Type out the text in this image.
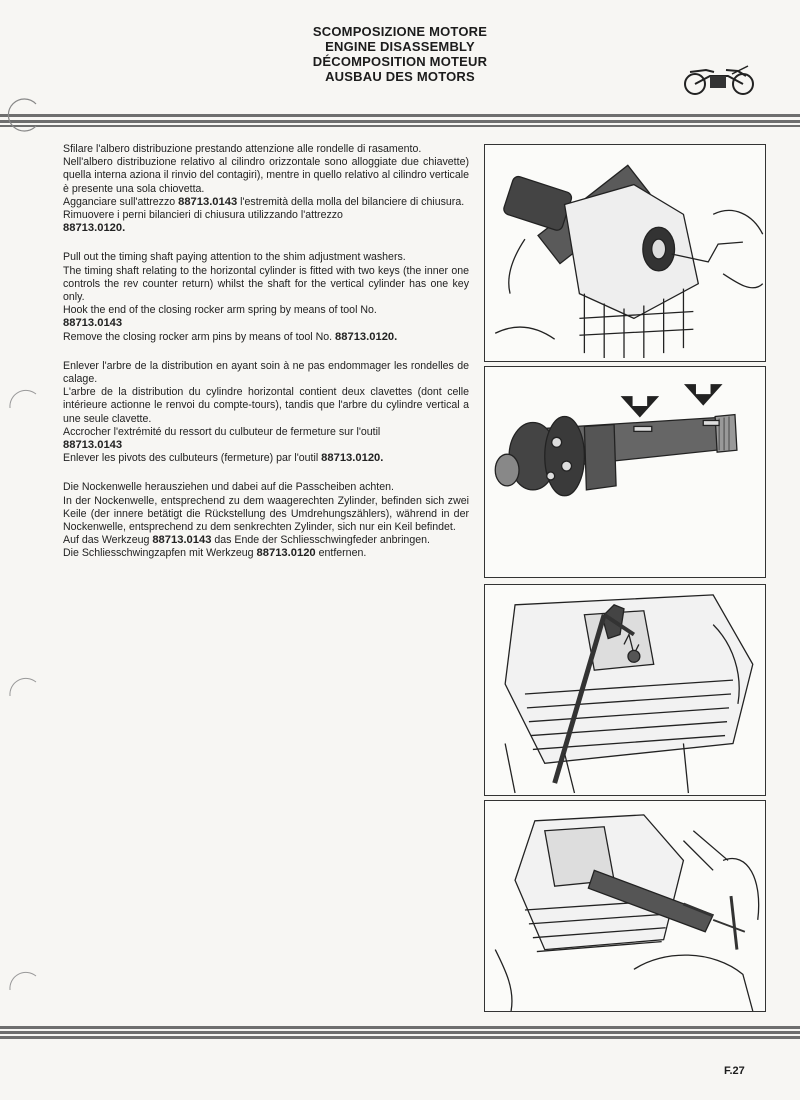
SCOMPOSIZIONE MOTORE
ENGINE DISASSEMBLY
DÉCOMPOSITION MOTEUR
AUSBAU DES MOTORS

Sfilare l'albero distribuzione prestando attenzione alle rondelle di rasamento.

Nell'albero distribuzione relativo al cilindro orizzontale sono alloggiate due chiavette) quella interna aziona il rinvio del contagiri), mentre in quello relativo al cilindro verticale è presente una sola chiovetta.

Agganciare sull'attrezzo 88713.0143 l'estremità della molla del bilanciere di chiusura.

Rimuovere i perni bilancieri di chiusura utilizzando l'attrezzo
88713.0120.

Pull out the timing shaft paying attention to the shim adjustment washers.

The timing shaft relating to the horizontal cylinder is fitted with two keys (the inner one controls the rev counter return) whilst the shaft for the vertical cylinder has one key only.

Hook the end of the closing rocker arm spring by means of tool No.
88713.0143

Remove the closing rocker arm pins by means of tool No. 88713.0120.

Enlever l'arbre de la distribution en ayant soin à ne pas endommager les rondelles de calage.

L'arbre de la distribution du cylindre horizontal contient deux clavettes (dont celle intérieure actionne le renvoi du compte-tours), tandis que l'arbre du cylindre vertical a une seule clavette.

Accrocher l'extrémité du ressort du culbuteur de fermeture sur l'outil
88713.0143

Enlever les pivots des culbuteurs (fermeture) par l'outil 88713.0120.

Die Nockenwelle herausziehen und dabei auf die Passcheiben achten.

In der Nockenwelle, entsprechend zu dem waagerechten Zylinder, befinden sich zwei Keile (der innere betätigt die Rückstellung des Umdrehungszählers), während in der Nockenwelle, entsprechend zu dem senkrechten Zylinder, sich nur ein Keil befindet.

Auf das Werkzeug 88713.0143 das Ende der Schliesschwingfeder anbringen.

Die Schliesschwingzapfen mit Werkzeug 88713.0120 entfernen.

F.27
